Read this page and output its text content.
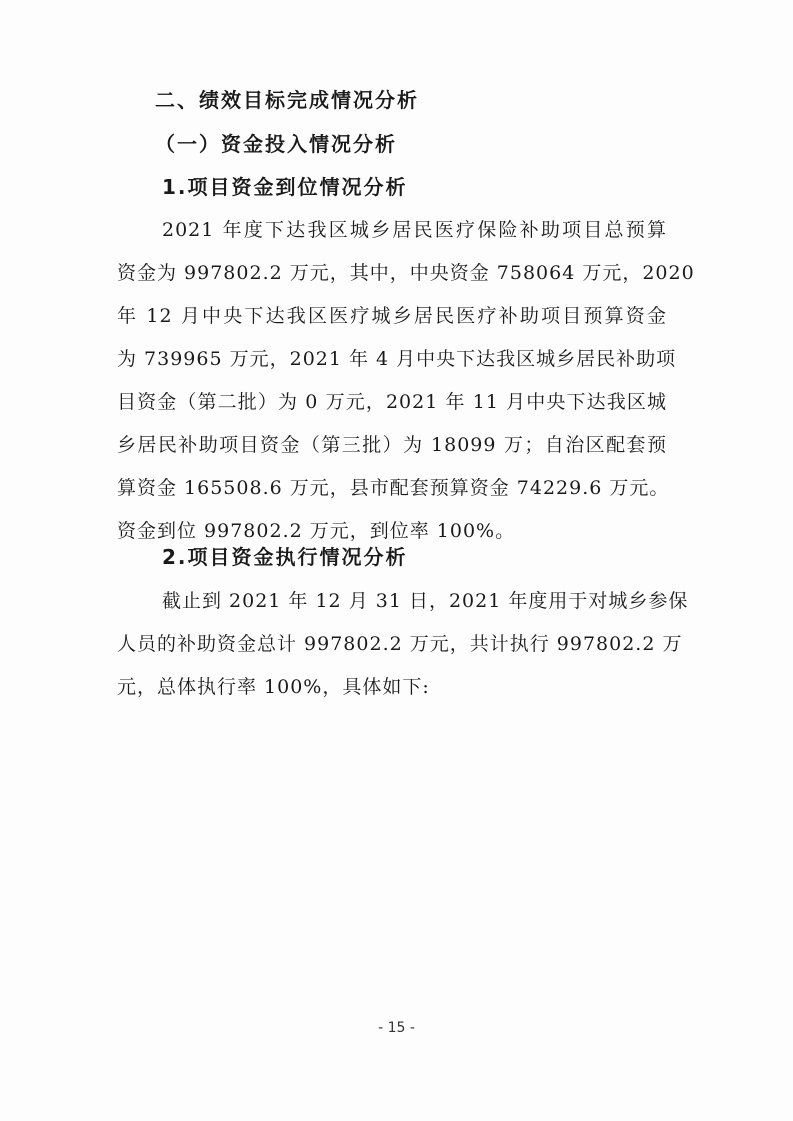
二、绩效目标完成情况分析
（一）资金投入情况分析
1.项目资金到位情况分析
2021 年度下达我区城乡居民医疗保险补助项目总预算
资金为 997802.2 万元，其中，中央资金 758064 万元，2020
年 12 月中央下达我区医疗城乡居民医疗补助项目预算资金
为 739965 万元，2021 年 4 月中央下达我区城乡居民补助项
目资金（第二批）为 0 万元，2021 年 11 月中央下达我区城
乡居民补助项目资金（第三批）为 18099 万；自治区配套预
算资金 165508.6 万元，县市配套预算资金 74229.6 万元。
资金到位 997802.2 万元，到位率 100%。
2.项目资金执行情况分析
截止到 2021 年 12 月 31 日，2021 年度用于对城乡参保
人员的补助资金总计 997802.2 万元，共计执行 997802.2 万
元，总体执行率 100%，具体如下:
- 15 -
